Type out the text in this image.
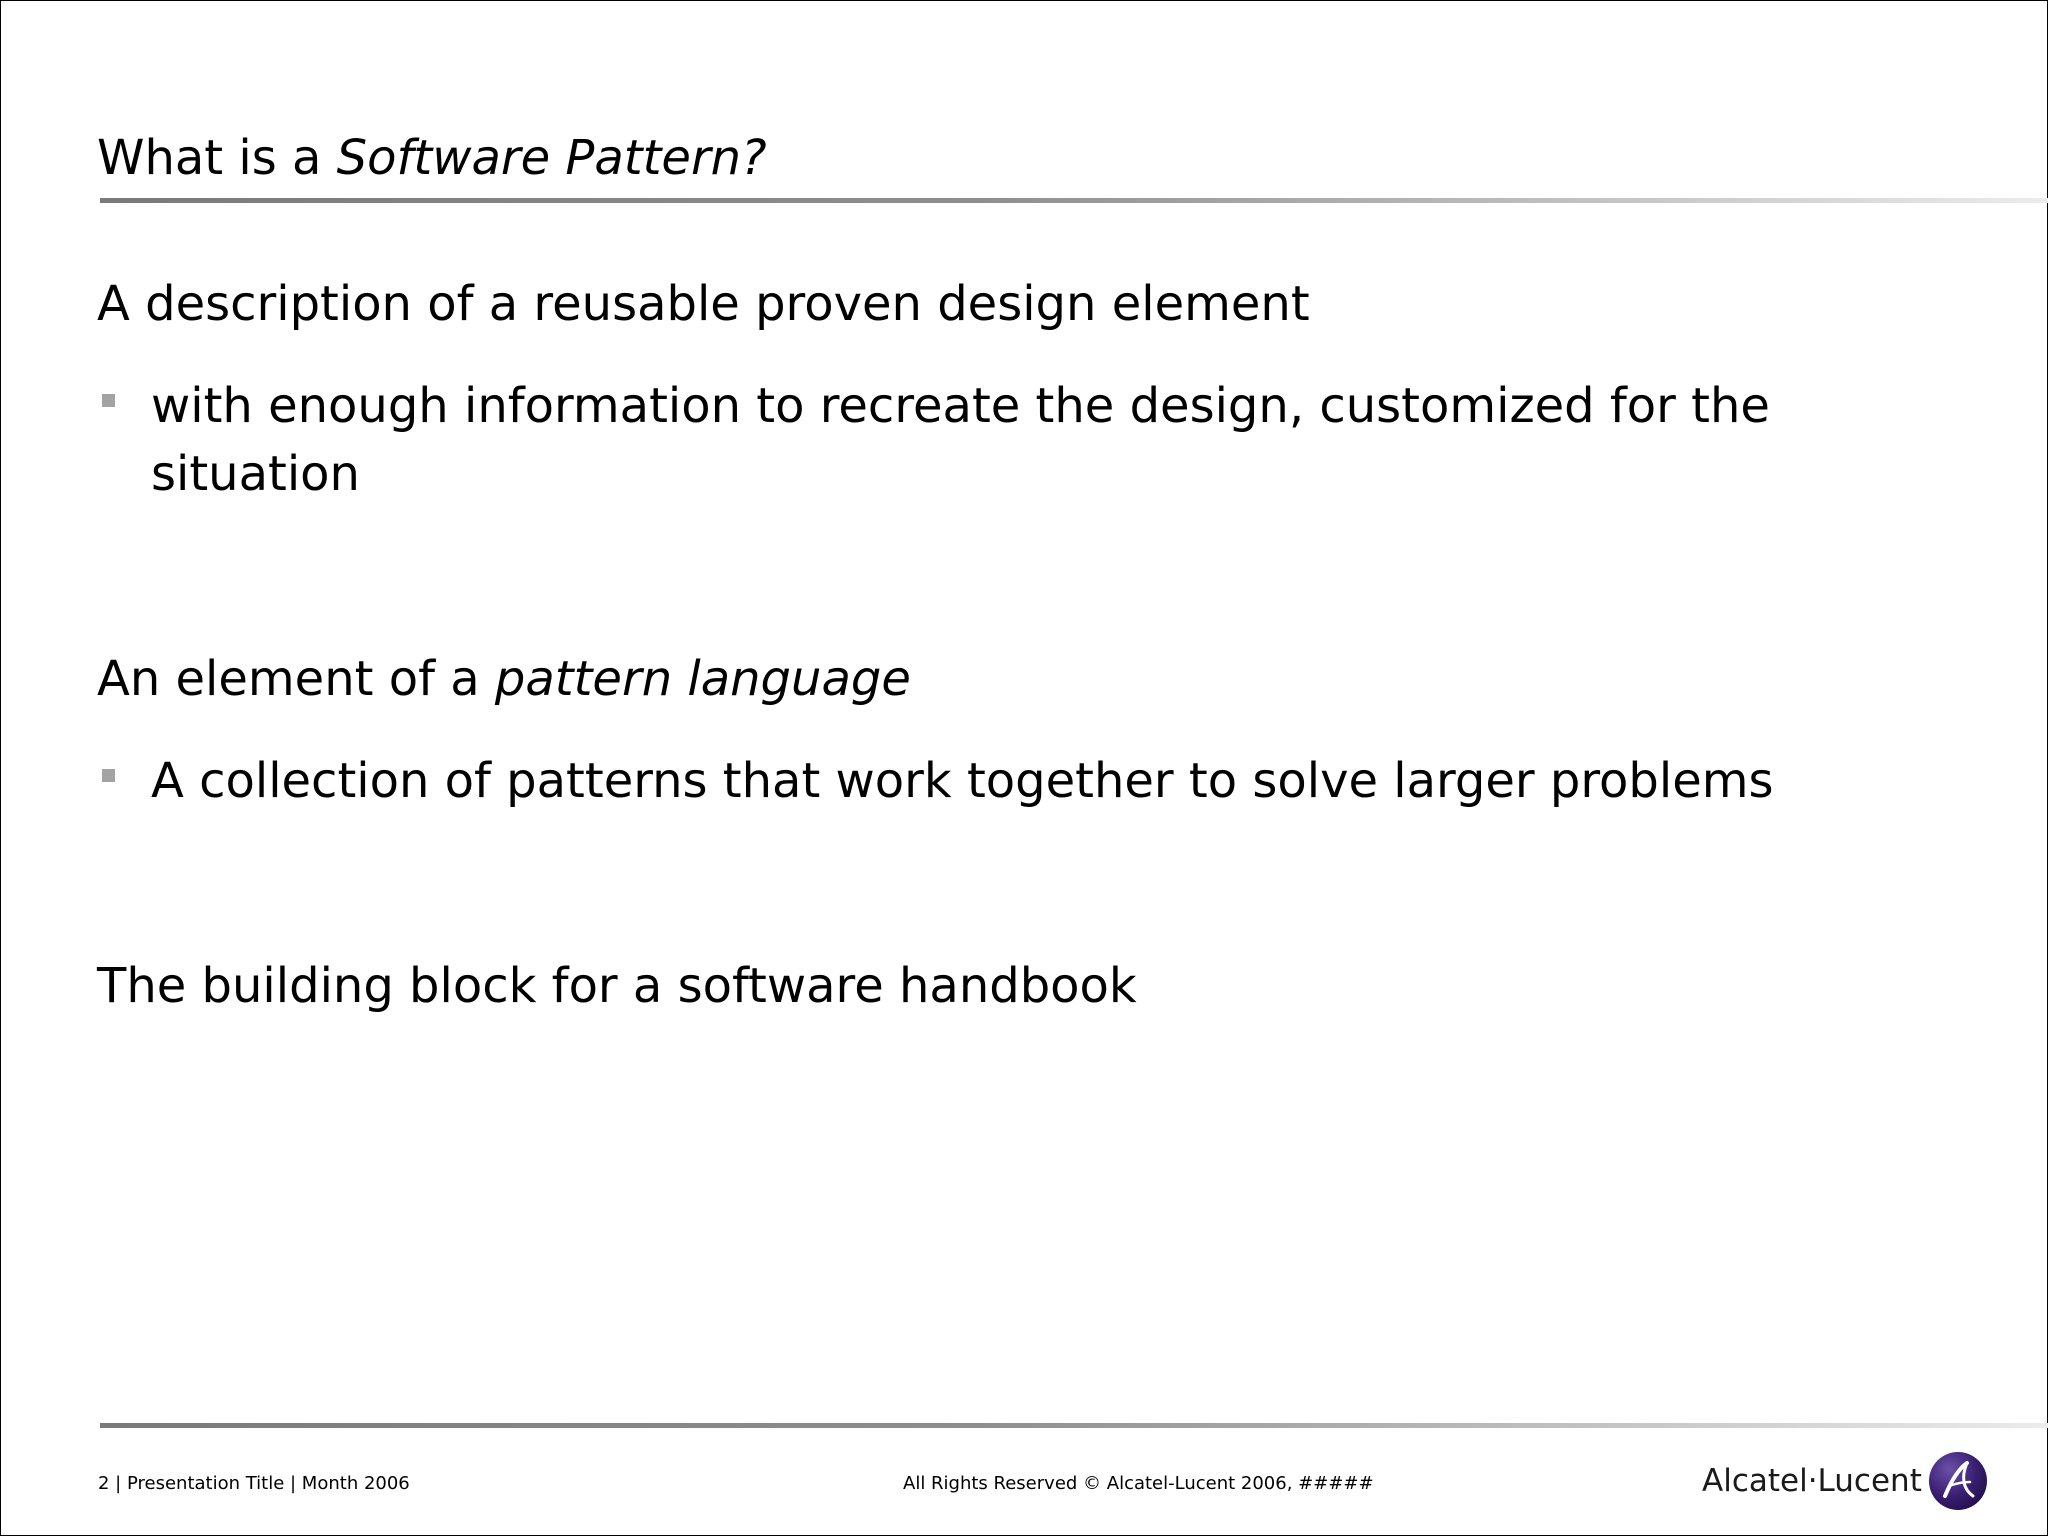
What is a Software Pattern?

A description of a reusable proven design element

with enough information to recreate the design, customized for the situation

An element of a pattern language

A collection of patterns that work together to solve larger problems

The building block for a software handbook

2 | Presentation Title | Month 2006	All Rights Reserved © Alcatel-Lucent 2006, #####	Alcatel·Lucent
